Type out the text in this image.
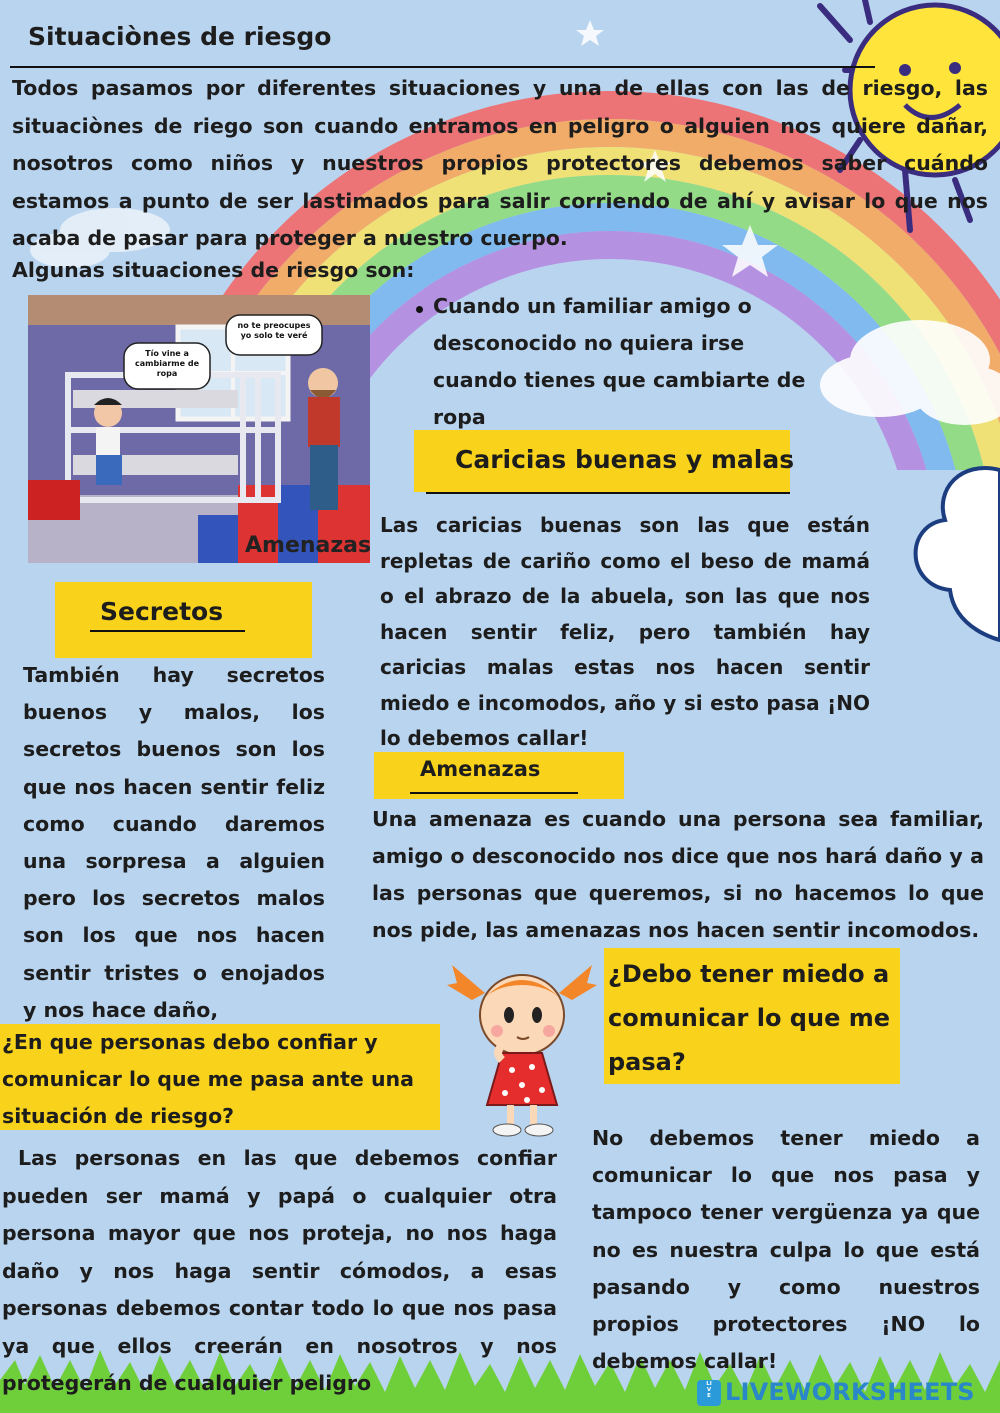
Situaciònes de riesgo
Todos pasamos por diferentes situaciones y una de ellas con las de riesgo, las situaciònes de riego son cuando entramos en peligro o alguien nos quiere dañar, nosotros como niños y nuestros propios protectores debemos saber cuándo estamos a punto de ser lastimados para salir corriendo de ahí y avisar lo que nos acaba de pasar para proteger a nuestro cuerpo.
Algunas situaciones de riesgo son:
Tío vine a cambiarme de ropa
no te preocupes yo solo te veré
Amenazas
Cuando un familiar amigo o desconocido no quiera irse cuando tienes que cambiarte de ropa
Caricias buenas y malas
Las caricias buenas son las que están repletas de cariño como el beso de mamá o el abrazo de la abuela, son las que nos hacen sentir feliz, pero también hay caricias malas estas nos hacen sentir miedo e incomodos, año y si esto pasa ¡NO lo debemos callar!
Secretos
También hay secretos buenos y malos, los secretos buenos son los que nos hacen sentir feliz como cuando daremos una sorpresa a alguien pero los secretos malos son los que nos hacen sentir tristes o enojados y nos hace daño,
Amenazas
Una amenaza es cuando una persona sea familiar, amigo o desconocido nos dice que nos hará daño y a las personas que queremos, si no hacemos lo que nos pide, las amenazas nos hacen sentir incomodos.
¿Debo tener miedo a comunicar lo que me pasa?
No debemos tener miedo a comunicar lo que nos pasa y tampoco tener vergüenza ya que no es nuestra culpa lo que está pasando y como nuestros propios protectores ¡NO lo debemos callar!
¿En que personas debo confiar y comunicar lo que me pasa ante una situación de riesgo?
Las personas en las que debemos confiar pueden ser mamá y papá o cualquier otra persona mayor que nos proteja, no nos haga daño y nos haga sentir cómodos, a esas personas debemos contar todo lo que nos pasa ya que ellos creerán en nosotros y nos protegerán de cualquier peligro	LIVE LIVEWORKSHEETS
